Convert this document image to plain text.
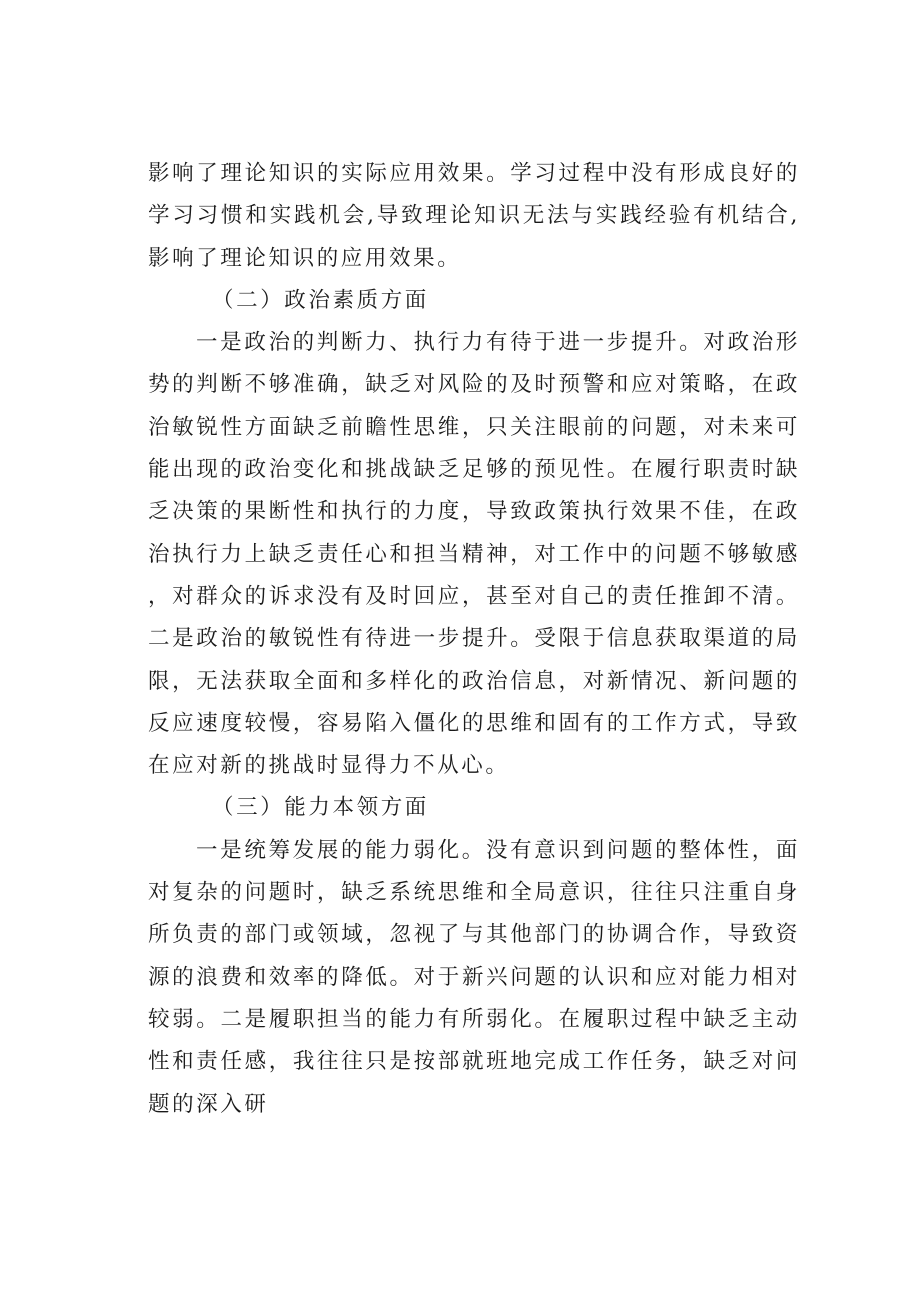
影响了理论知识的实际应用效果。学习过程中没有形成良好的学习习惯和实践机会,导致理论知识无法与实践经验有机结合,影响了理论知识的应用效果。

（二）政治素质方面

一是政治的判断力、执行力有待于进一步提升。对政治形势的判断不够准确，缺乏对风险的及时预警和应对策略，在政治敏锐性方面缺乏前瞻性思维，只关注眼前的问题，对未来可能出现的政治变化和挑战缺乏足够的预见性。在履行职责时缺乏决策的果断性和执行的力度，导致政策执行效果不佳，在政治执行力上缺乏责任心和担当精神，对工作中的问题不够敏感，对群众的诉求没有及时回应，甚至对自己的责任推卸不清。二是政治的敏锐性有待进一步提升。受限于信息获取渠道的局限，无法获取全面和多样化的政治信息，对新情况、新问题的反应速度较慢，容易陷入僵化的思维和固有的工作方式，导致在应对新的挑战时显得力不从心。

（三）能力本领方面

一是统筹发展的能力弱化。没有意识到问题的整体性，面对复杂的问题时，缺乏系统思维和全局意识，往往只注重自身所负责的部门或领域，忽视了与其他部门的协调合作，导致资源的浪费和效率的降低。对于新兴问题的认识和应对能力相对较弱。二是履职担当的能力有所弱化。在履职过程中缺乏主动性和责任感，我往往只是按部就班地完成工作任务，缺乏对问题的深入研
